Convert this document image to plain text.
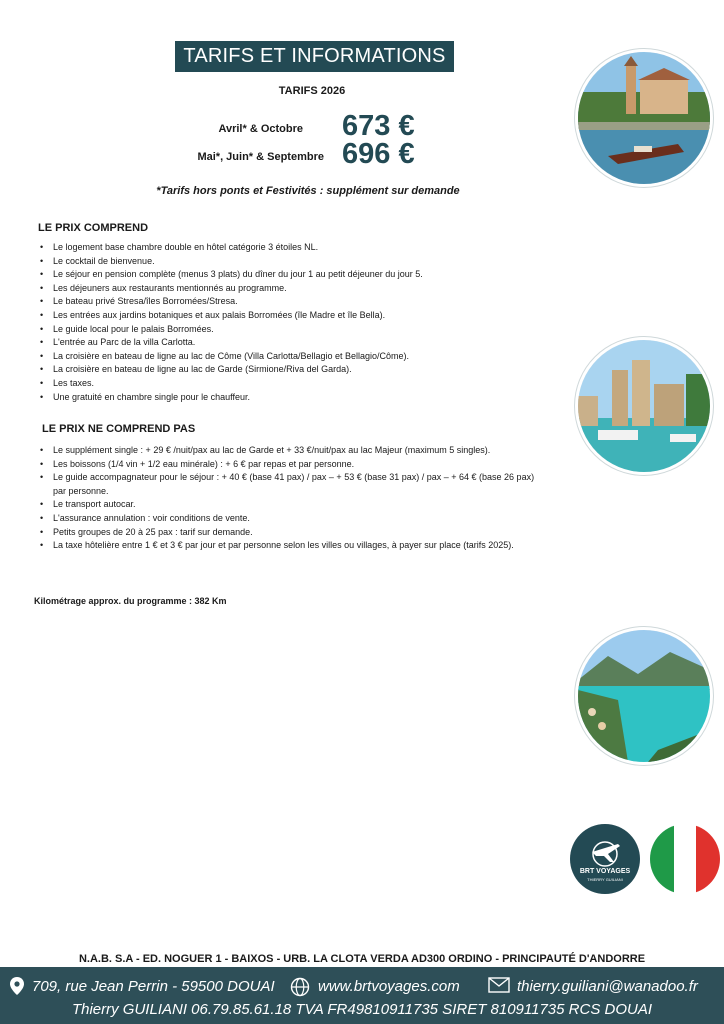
TARIFS ET INFORMATIONS
TARIFS 2026
Avril* & Octobre 673 €
Mai*, Juin* & Septembre 696 €
*Tarifs hors ponts et Festivités : supplément sur demande
LE PRIX COMPREND
• Le logement base chambre double en hôtel catégorie 3 étoiles NL.
• Le cocktail de bienvenue.
• Le séjour en pension complète (menus 3 plats) du dîner du jour 1 au petit déjeuner du jour 5.
• Les déjeuners aux restaurants mentionnés au programme.
• Le bateau privé Stresa/îles Borromées/Stresa.
• Les entrées aux jardins botaniques et aux palais Borromées (île Madre et île Bella).
• Le guide local pour le palais Borromées.
• L'entrée au Parc de la villa Carlotta.
• La croisière en bateau de ligne au lac de Côme (Villa Carlotta/Bellagio et Bellagio/Côme).
• La croisière en bateau de ligne au lac de Garde (Sirmione/Riva del Garda).
• Les taxes.
• Une gratuité en chambre single pour le chauffeur.
LE PRIX NE COMPREND PAS
• Le supplément single : + 29 € /nuit/pax au lac de Garde et + 33 €/nuit/pax au lac Majeur (maximum 5 singles).
• Les boissons (1/4 vin + 1/2 eau minérale) : + 6 € par repas et par personne.
• Le guide accompagnateur pour le séjour : + 40 € (base 41 pax) / pax – + 53 € (base 31 pax) / pax – + 64 € (base 26 pax) par personne.
• Le transport autocar.
• L'assurance annulation : voir conditions de vente.
• Petits groupes de 20 à 25 pax : tarif sur demande.
• La taxe hôtelière entre 1 € et 3 € par jour et par personne selon les villes ou villages, à payer sur place (tarifs 2025).
Kilométrage approx. du programme : 382 Km
BRT VOYAGES
THIERRY GUILIANI
N.A.B. S.A - ED. NOGUER 1 - BAIXOS - URB. LA CLOTA VERDA AD300 ORDINO - PRINCIPAUTÉ D'ANDORRE
709, rue Jean Perrin - 59500 DOUAI	www.brtvoyages.com	thierry.guiliani@wanadoo.fr
Thierry GUILIANI 06.79.85.61.18 TVA FR49810911735 SIRET 810911735 RCS DOUAI
